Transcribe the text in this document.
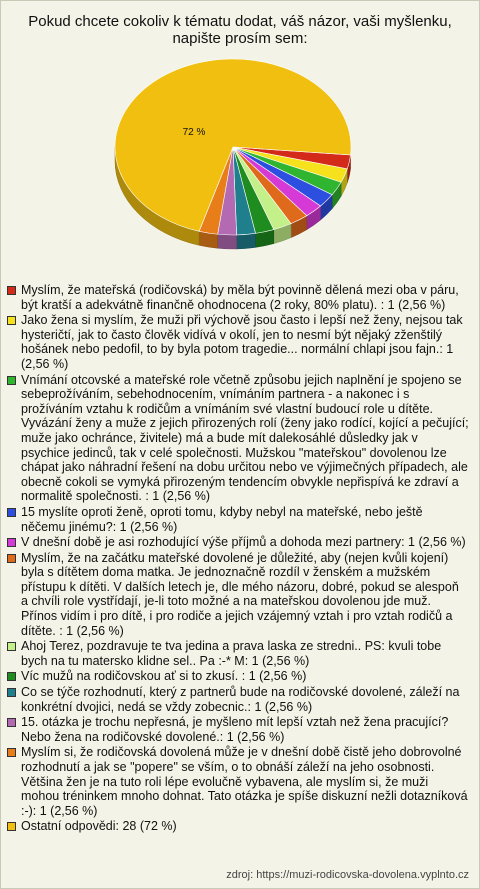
Pokud chcete cokoliv k tématu dodat, váš názor, vaši myšlenku, napište prosím sem:
72 %
Myslím, že mateřská (rodičovská) by měla být povinně dělená mezi oba v páru, být kratší a adekvátně finančně ohodnocena (2 roky, 80% platu). : 1 (2,56 %)
Jako žena si myslím, že muži při výchově jsou často i lepší než ženy, nejsou tak hysteričtí, jak to často člověk vidívá v okolí, jen to nesmí být nějaký zženštilý hošánek nebo pedofil, to by byla potom tragedie... normální chlapi jsou fajn.: 1 (2,56 %)
Vnímání otcovské a mateřské role včetně způsobu jejich naplnění je spojeno se sebeprožíváním, sebehodnocením, vnímáním partnera - a nakonec i s prožíváním vztahu k rodičům a vnímáním své vlastní budoucí role u dítěte. Vyvázání ženy a muže z jejich přirozených rolí (ženy jako rodící, kojící a pečující; muže jako ochránce, živitele) má a bude mít dalekosáhlé důsledky jak v psychice jedinců, tak v celé společnosti. Mužskou "mateřskou" dovolenou lze chápat jako náhradní řešení na dobu určitou nebo ve výjimečných případech, ale obecně cokoli se vymyká přirozeným tendencím obvykle nepřispívá ke zdraví a normalitě společnosti. : 1 (2,56 %)
15 myslíte oproti ženě, oproti tomu, kdyby nebyl na mateřské, nebo ještě něčemu jinému?: 1 (2,56 %)
V dnešní době je asi rozhodující výše příjmů a dohoda mezi partnery: 1 (2,56 %)
Myslím, že na začátku mateřské dovolené je důležité, aby (nejen kvůli kojení) byla s dítětem doma matka. Je jednoznačně rozdíl v ženském a mužském přístupu k dítěti. V dalších letech je, dle mého názoru, dobré, pokud se alespoň a chvíli role vystřídají, je-li toto možné a na mateřskou dovolenou jde muž. Přínos vidím i pro dítě, i pro rodiče a jejich vzájemný vztah i pro vztah rodičů a dítěte. : 1 (2,56 %)
Ahoj Terez, pozdravuje te tva jedina a prava laska ze stredni.. PS: kvuli tobe bych na tu matersko klidne sel.. Pa :-* M: 1 (2,56 %)
Víc mužů na rodičovskou ať si to zkusí. : 1 (2,56 %)
Co se týče rozhodnutí, který z partnerů bude na rodičovské dovolené, záleží na konkrétní dvojici, nedá se vždy zobecnic.: 1 (2,56 %)
15. otázka je trochu nepřesná, je myšleno mít lepší vztah než žena pracující? Nebo žena na rodičovské dovolené.: 1 (2,56 %)
Myslím si, že rodičovská dovolená může je v dnešní době čistě jeho dobrovolné rozhodnutí a jak se "popere" se vším, o to obnáší záleží na jeho osobnosti. Většina žen je na tuto roli lépe evolučně vybavena, ale myslím si, že muži mohou tréninkem mnoho dohnat. Tato otázka je spíše diskuzní nežli dotazníková :-): 1 (2,56 %)
Ostatní odpovědi: 28 (72 %)
zdroj: https://muzi-rodicovska-dovolena.vyplnto.cz
